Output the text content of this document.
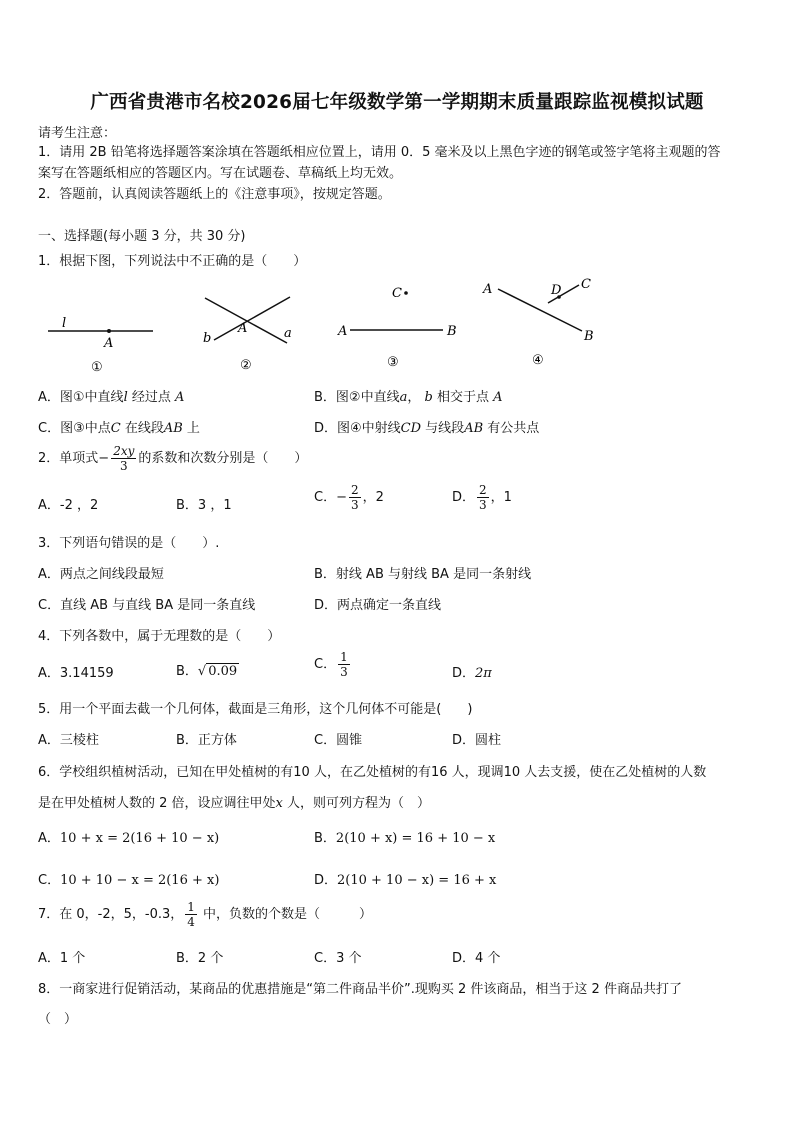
广西省贵港市名校2026届七年级数学第一学期期末质量跟踪监视模拟试题
请考生注意：
1．请用 2B 铅笔将选择题答案涂填在答题纸相应位置上，请用 0．5 毫米及以上黑色字迹的钢笔或签字笔将主观题的答
案写在答题纸相应的答题区内。写在试题卷、草稿纸上均无效。
2．答题前，认真阅读答题纸上的《注意事项》，按规定答题。
一、选择题(每小题 3 分，共 30 分)
1．根据下图，下列说法中不正确的是（　　）
l
A
①
b
A	a
②
C
A	B
③
A	D C
B
④
A．图①中直线l 经过点 A	B．图②中直线a， b 相交于点 A
C．图③中点C 在线段AB 上	D．图④中射线CD 与线段AB 有公共点
2．单项式− $\frac{2xy}{3}$ 的系数和次数分别是（　　）
A．-2 ，2	B．3 ，1
C．− $\frac{2}{3}$ ，2	D． $\frac{2}{3}$ ，1
3．下列语句错误的是（　　）.
A．两点之间线段最短	B．射线 AB 与射线 BA 是同一条射线
C．直线 AB 与直线 BA 是同一条直线	D．两点确定一条直线
4．下列各数中，属于无理数的是（　　）
A．3.14159	B．√ 0.09	C． $\frac{1}{3}$	D．2π
5．用一个平面去截一个几何体，截面是三角形，这个几何体不可能是(　　)
A．三棱柱	B．正方体	C．圆锥	D．圆柱
6．学校组织植树活动，已知在甲处植树的有10 人，在乙处植树的有16 人，现调10 人去支援，使在乙处植树的人数
是在甲处植树人数的 2 倍，设应调往甲处x 人，则可列方程为（　）
A．10 + x = 2(16 + 10 − x)	B．2(10 + x) = 16 + 10 − x
C．10 + 10 − x = 2(16 + x)	D．2(10 + 10 − x) = 16 + x
7．在 0，-2，5，-0.3， $\frac{1}{4}$ 中，负数的个数是（　　　）
A．1 个	B．2 个	C．3 个	D．4 个
8．一商家进行促销活动，某商品的优惠措施是“第二件商品半价”.现购买 2 件该商品，相当于这 2 件商品共打了
（　）
